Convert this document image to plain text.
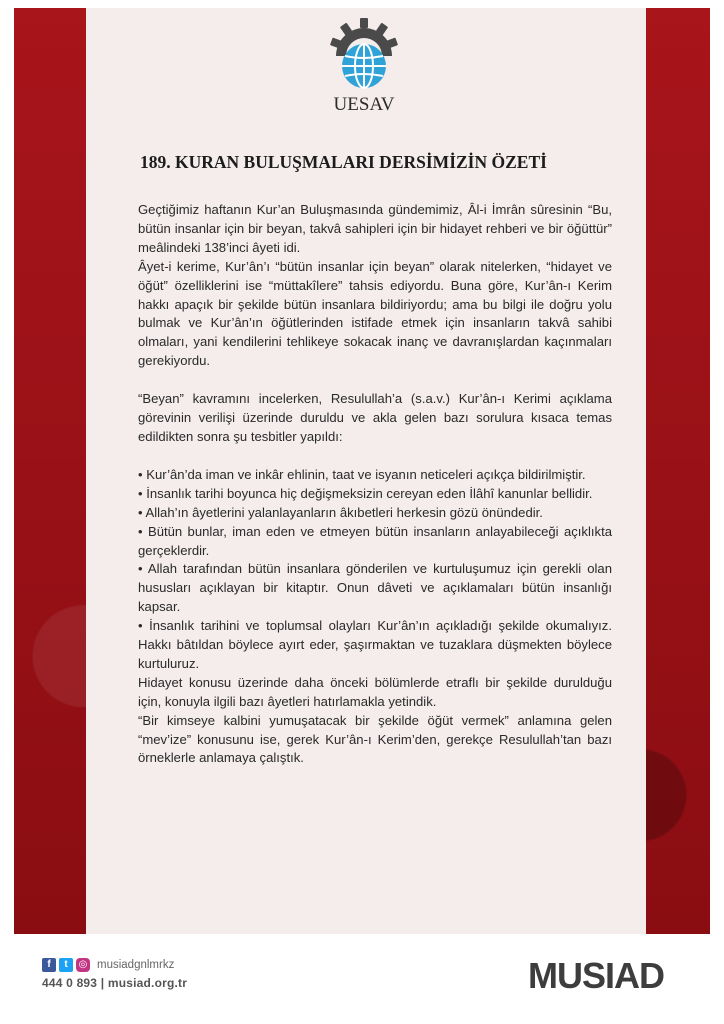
UESAV
189. KURAN BULUŞMALARI DERSİMİZİN ÖZETİ

Geçtiğimiz haftanın Kur’an Buluşmasında gündemimiz, Âl-i İmrân sûresinin “Bu, bütün insanlar için bir beyan, takvâ sahipleri için bir hidayet rehberi ve bir öğüttür” meâlindeki 138’inci âyeti idi.

Âyet-i kerime, Kur’ân’ı “bütün insanlar için beyan” olarak nitelerken, “hidayet ve öğüt” özelliklerini ise “müttakîlere” tahsis ediyordu. Buna göre, Kur’ân-ı Kerim hakkı apaçık bir şekilde bütün insanlara bildiriyordu; ama bu bilgi ile doğru yolu bulmak ve Kur’ân’ın öğütlerinden istifade etmek için insanların takvâ sahibi olmaları, yani kendilerini tehlikeye sokacak inanç ve davranışlardan kaçınmaları gerekiyordu.

“Beyan” kavramını incelerken, Resulullah’a (s.a.v.) Kur’ân-ı Kerimi açıklama görevinin verilişi üzerinde duruldu ve akla gelen bazı sorulura kısaca temas edildikten sonra şu tesbitler yapıldı:

• Kur’ân’da iman ve inkâr ehlinin, taat ve isyanın neticeleri açıkça bildirilmiştir.

• İnsanlık tarihi boyunca hiç değişmeksizin cereyan eden İlâhî kanunlar bellidir.

• Allah’ın âyetlerini yalanlayanların âkıbetleri herkesin gözü önündedir.

• Bütün bunlar, iman eden ve etmeyen bütün insanların anlayabileceği açıklıkta gerçeklerdir.

• Allah tarafından bütün insanlara gönderilen ve kurtuluşumuz için gerekli olan hususları açıklayan bir kitaptır. Onun dâveti ve açıklamaları bütün insanlığı kapsar.

• İnsanlık tarihini ve toplumsal olayları Kur’ân’ın açıkladığı şekilde okumalıyız. Hakkı bâtıldan böylece ayırt eder, şaşırmaktan ve tuzaklara düşmekten böylece kurtuluruz.

Hidayet konusu üzerinde daha önceki bölümlerde etraflı bir şekilde durulduğu için, konuyla ilgili bazı âyetleri hatırlamakla yetindik.

“Bir kimseye kalbini yumuşatacak bir şekilde öğüt vermek” anlamına gelen “mev’ize” konusunu ise, gerek Kur’ân-ı Kerim’den, gerekçe Resulullah’tan bazı örneklerle anlamaya çalıştık.

f	t	◎ musiadgnlmrkz
444 0 893 | musiad.org.tr	MUSIAD
